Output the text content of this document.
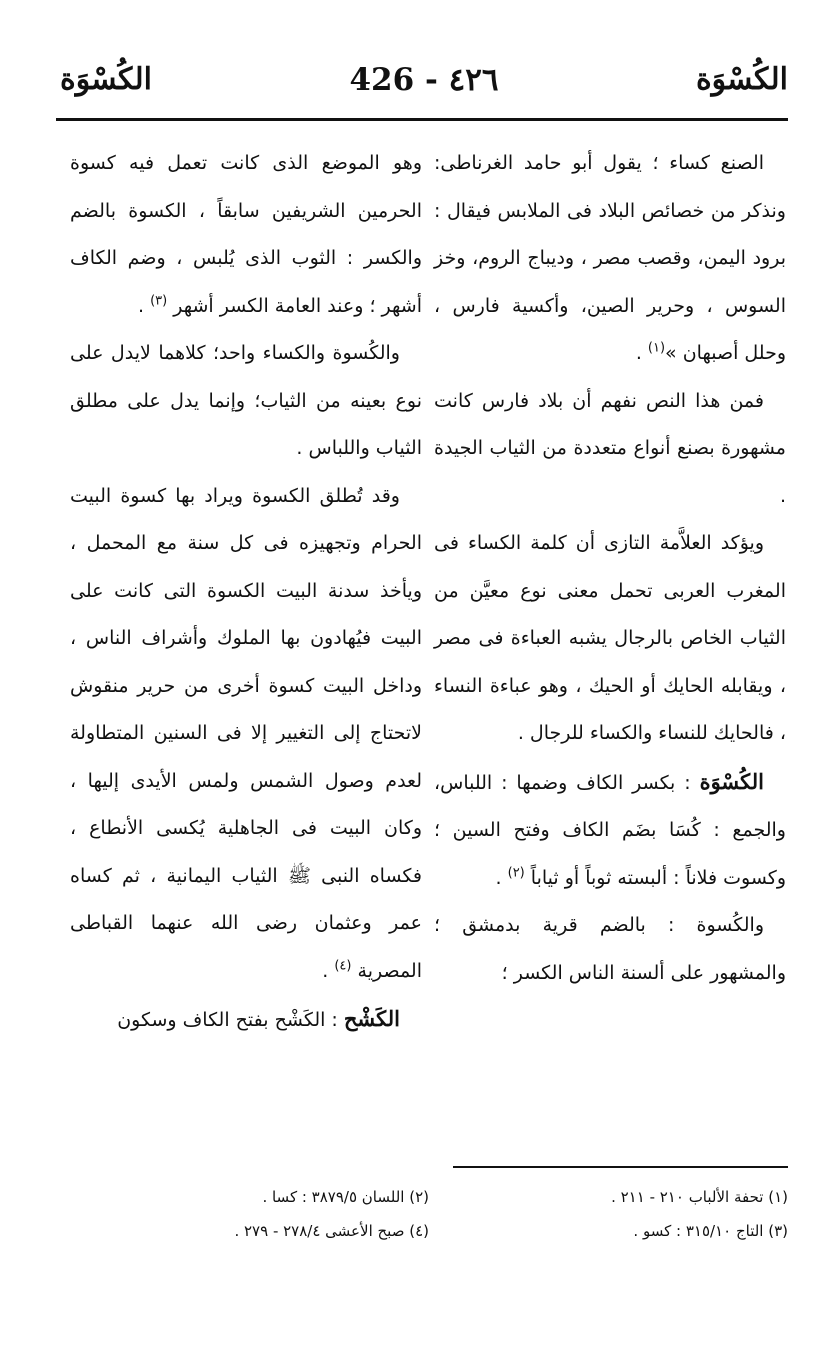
الكُسْوَة	426 - ٤٢٦	الكُسْوَة

الصنع كساء ؛ يقول أبو حامد الغرناطى: ونذكر من خصائص البلاد فى الملابس فيقال : برود اليمن، وقصب مصر ، وديباج الروم، وخز السوس ، وحرير الصين، وأكسية فارس ، وحلل أصبهان »$^{(١)}$ .

فمن هذا النص نفهم أن بلاد فارس كانت مشهورة بصنع أنواع متعددة من الثياب الجيدة .

ويؤكد العلاَّمة التازى أن كلمة الكساء فى المغرب العربى تحمل معنى نوع معيَّن من الثياب الخاص بالرجال يشبه العباءة فى مصر ، ويقابله الحايك أو الحيك ، وهو عباءة النساء ، فالحايك للنساء والكساء للرجال .

الكُسْوَة : بكسر الكاف وضمها : اللباس، والجمع : كُسَا بضَم الكاف وفتح السين ؛ وكسوت فلاناً : ألبسته ثوباً أو ثياباً $^{(٢)}$ .

والكُسوة : بالضم قرية بدمشق ؛ والمشهور على ألسنة الناس الكسر ؛

وهو الموضع الذى كانت تعمل فيه كسوة الحرمين الشريفين سابقاً ، الكسوة بالضم والكسر : الثوب الذى يُلبس ، وضم الكاف أشهر ؛ وعند العامة الكسر أشهر $^{(٣)}$ .

والكُسوة والكساء واحد؛ كلاهما لايدل على نوع بعينه من الثياب؛ وإنما يدل على مطلق الثياب واللباس .

وقد تُطلق الكسوة ويراد بها كسوة البيت الحرام وتجهيزه فى كل سنة مع المحمل ، ويأخذ سدنة البيت الكسوة التى كانت على البيت فيُهادون بها الملوك وأشراف الناس ، وداخل البيت كسوة أخرى من حرير منقوش لاتحتاج إلى التغيير إلا فى السنين المتطاولة لعدم وصول الشمس ولمس الأيدى إليها ، وكان البيت فى الجاهلية يُكسى الأنطاع ، فكساه النبى ﷺ الثياب اليمانية ، ثم كساه عمر وعثمان رضى الله عنهما القباطى المصرية $^{(٤)}$ .

الكَشْح : الكَشْح بفتح الكاف وسكون

(١) تحفة الألباب ٢١٠ - ٢١١ .
(٢) اللسان ٣٨٧٩/٥ : كسا .
(٣) التاج ٣١٥/١٠ : كسو .
(٤) صبح الأعشى ٢٧٨/٤ - ٢٧٩ .
